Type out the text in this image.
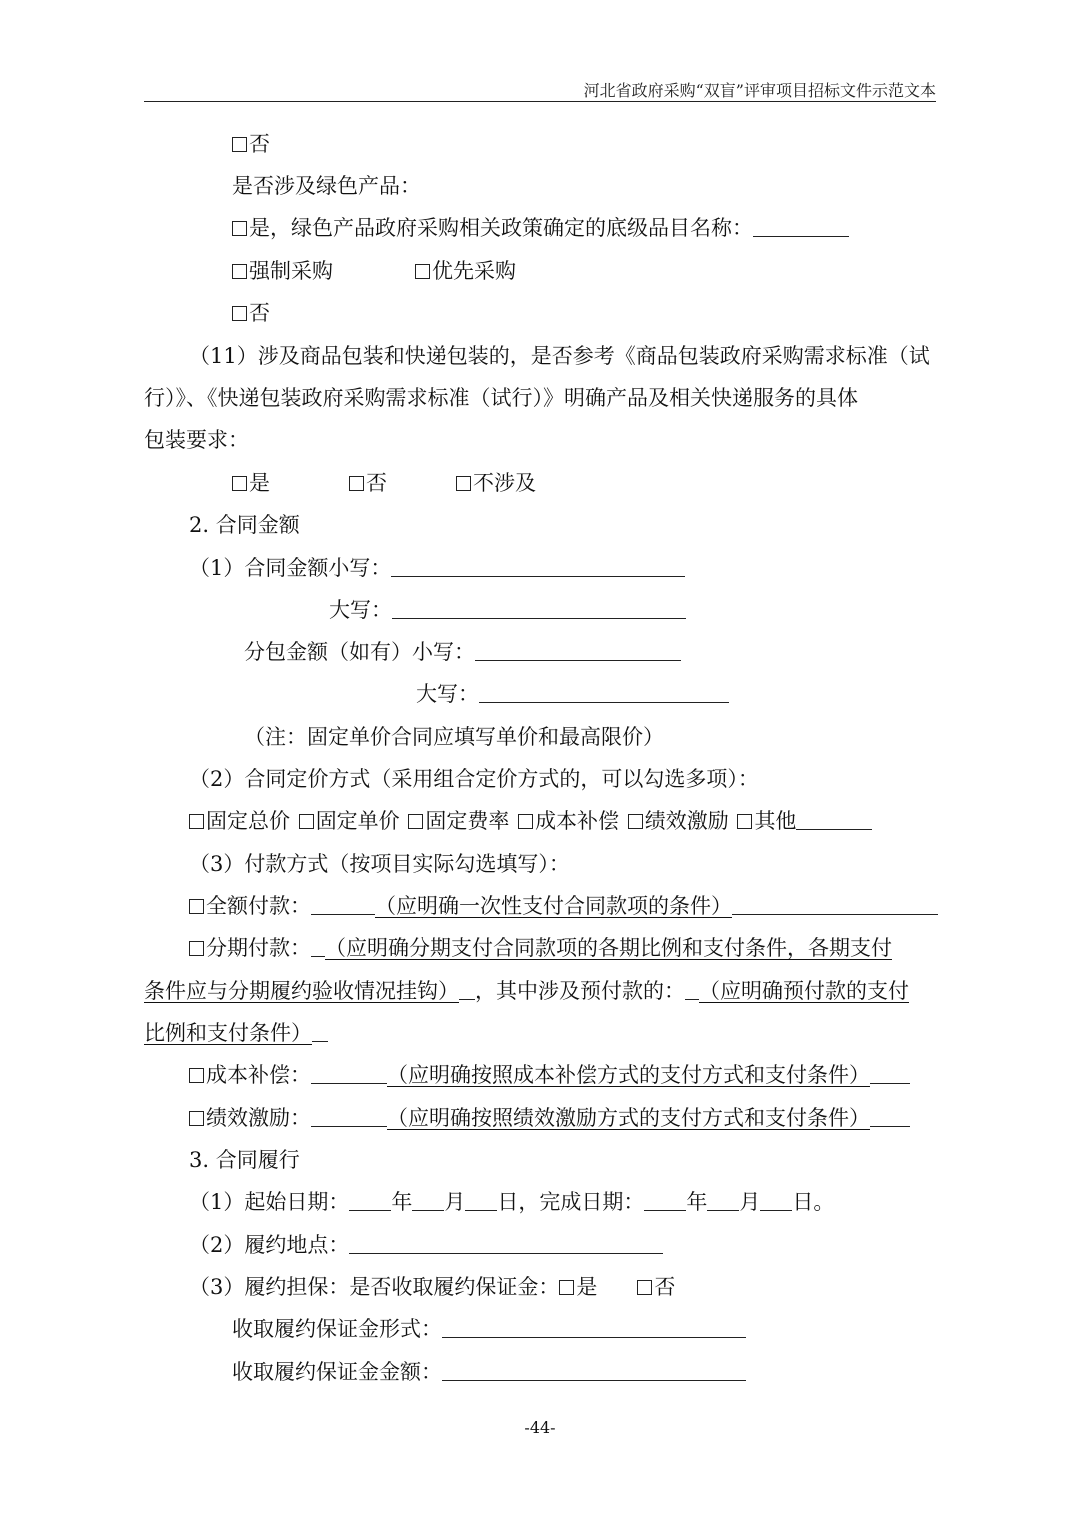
河北省政府采购“双盲”评审项目招标文件示范文本
否
是否涉及绿色产品：
是，绿色产品政府采购相关政策确定的底级品目名称：
强制采购	优先采购
否
（11）涉及商品包装和快递包装的，是否参考《商品包装政府采购需求标准（试
行）》、《快递包装政府采购需求标准（试行）》明确产品及相关快递服务的具体
包装要求：
是	否	不涉及
2. 合同金额
（1）合同金额小写：
大写：
分包金额（如有）小写：
大写：
（注：固定单价合同应填写单价和最高限价）
（2）合同定价方式（采用组合定价方式的，可以勾选多项）：
固定总价 固定单价 固定费率 成本补偿 绩效激励 其他
（3）付款方式（按项目实际勾选填写）：
全额付款：	（应明确一次性支付合同款项的条件）
分期付款： （应明确分期支付合同款项的各期比例和支付条件，各期支付
条件应与分期履约验收情况挂钩） ，其中涉及预付款的： （应明确预付款的支付
比例和支付条件）
成本补偿：	（应明确按照成本补偿方式的支付方式和支付条件）
绩效激励：	（应明确按照绩效激励方式的支付方式和支付条件）
3. 合同履行
（1）起始日期： 年 月 日，完成日期： 年 月 日。
（2）履约地点：
（3）履约担保：是否收取履约保证金： 是	否
收取履约保证金形式：
收取履约保证金金额：
-44-
